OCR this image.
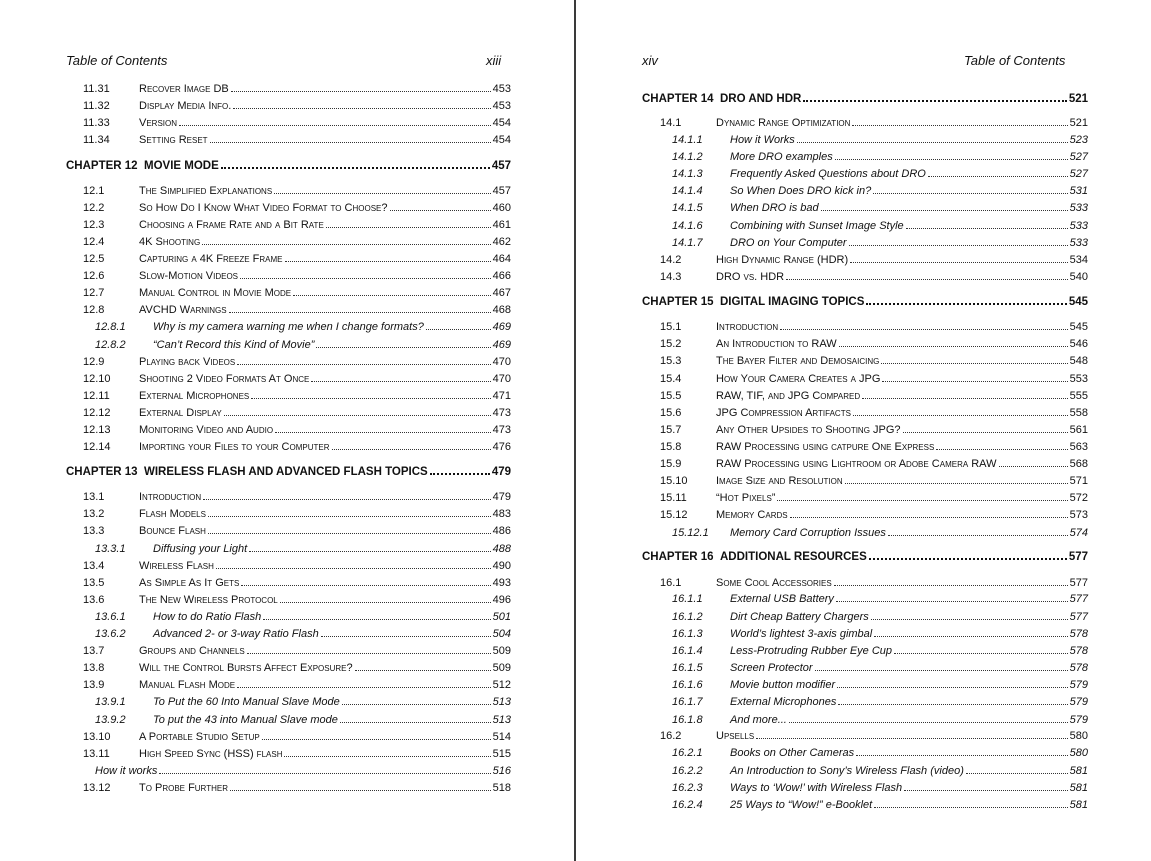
Table of Contents	xiii
11.31	Recover Image DB	453
11.32	Display Media Info.	453
11.33	Version	454
11.34	Setting Reset	454
CHAPTER 12 MOVIE MODE	457
12.1	The Simplified Explanations	457
12.2	So How Do I Know What Video Format to Choose?	460
12.3	Choosing a Frame Rate and a Bit Rate	461
12.4	4K Shooting	462
12.5	Capturing a 4K Freeze Frame	464
12.6	Slow-Motion Videos	466
12.7	Manual Control in Movie Mode	467
12.8	AVCHD Warnings	468
12.8.1	Why is my camera warning me when I change formats?	469
12.8.2	“Can’t Record this Kind of Movie”	469
12.9	Playing back Videos	470
12.10	Shooting 2 Video Formats At Once	470
12.11	External Microphones	471
12.12	External Display	473
12.13	Monitoring Video and Audio	473
12.14	Importing your Files to your Computer	476
CHAPTER 13 WIRELESS FLASH AND ADVANCED FLASH TOPICS	479
13.1	Introduction	479
13.2	Flash Models	483
13.3	Bounce Flash	486
13.3.1	Diffusing your Light	488
13.4	Wireless Flash	490
13.5	As Simple As It Gets	493
13.6	The New Wireless Protocol	496
13.6.1	How to do Ratio Flash	501
13.6.2	Advanced 2- or 3-way Ratio Flash	504
13.7	Groups and Channels	509
13.8	Will the Control Bursts Affect Exposure?	509
13.9	Manual Flash Mode	512
13.9.1	To Put the 60 Into Manual Slave Mode	513
13.9.2	To put the 43 into Manual Slave mode	513
13.10	A Portable Studio Setup	514
13.11	High Speed Sync (HSS) flash	515
How it works	516
13.12	To Probe Further	518
xiv	Table of Contents
CHAPTER 14 DRO AND HDR	521
14.1	Dynamic Range Optimization	521
14.1.1	How it Works	523
14.1.2	More DRO examples	527
14.1.3	Frequently Asked Questions about DRO	527
14.1.4	So When Does DRO kick in?	531
14.1.5	When DRO is bad	533
14.1.6	Combining with Sunset Image Style	533
14.1.7	DRO on Your Computer	533
14.2	High Dynamic Range (HDR)	534
14.3	DRO vs. HDR	540
CHAPTER 15 DIGITAL IMAGING TOPICS	545
15.1	Introduction	545
15.2	An Introduction to RAW	546
15.3	The Bayer Filter and Demosaicing	548
15.4	How Your Camera Creates a JPG	553
15.5	RAW, TIF, and JPG Compared	555
15.6	JPG Compression Artifacts	558
15.7	Any Other Upsides to Shooting JPG?	561
15.8	RAW Processing using catpure One Express	563
15.9	RAW Processing using Lightroom or Adobe Camera RAW	568
15.10	Image Size and Resolution	571
15.11	“Hot Pixels”	572
15.12	Memory Cards	573
15.12.1	Memory Card Corruption Issues	574
CHAPTER 16 ADDITIONAL RESOURCES	577
16.1	Some Cool Accessories	577
16.1.1	External USB Battery	577
16.1.2	Dirt Cheap Battery Chargers	577
16.1.3	World’s lightest 3-axis gimbal	578
16.1.4	Less-Protruding Rubber Eye Cup	578
16.1.5	Screen Protector	578
16.1.6	Movie button modifier	579
16.1.7	External Microphones	579
16.1.8	And more...	579
16.2	Upsells	580
16.2.1	Books on Other Cameras	580
16.2.2	An Introduction to Sony’s Wireless Flash (video)	581
16.2.3	Ways to ‘Wow!’ with Wireless Flash	581
16.2.4	25 Ways to “Wow!” e-Booklet	581
